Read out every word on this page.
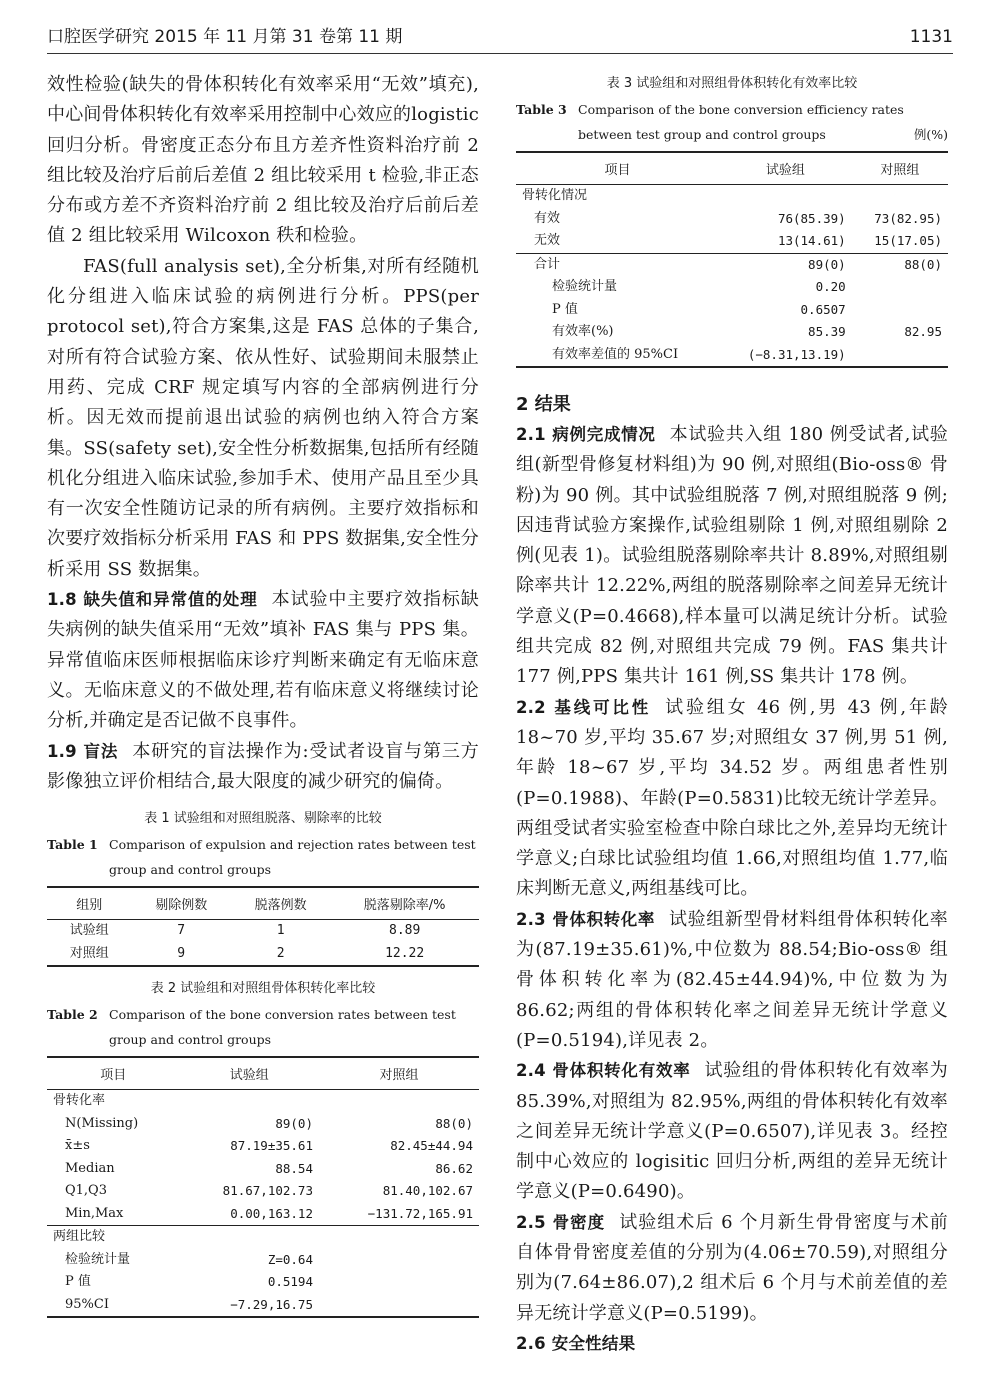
口腔医学研究 2015 年 11 月第 31 卷第 11 期	1131

效性检验(缺失的骨体积转化有效率采用“无效”填充),中心间骨体积转化有效率采用控制中心效应的logistic 回归分析。骨密度正态分布且方差齐性资料治疗前 2 组比较及治疗后前后差值 2 组比较采用 t 检验,非正态分布或方差不齐资料治疗前 2 组比较及治疗后前后差值 2 组比较采用 Wilcoxon 秩和检验。

FAS(full analysis set),全分析集,对所有经随机化分组进入临床试验的病例进行分析。PPS(per protocol set),符合方案集,这是 FAS 总体的子集合,对所有符合试验方案、依从性好、试验期间未服禁止用药、完成 CRF 规定填写内容的全部病例进行分析。因无效而提前退出试验的病例也纳入符合方案集。SS(safety set),安全性分析数据集,包括所有经随机化分组进入临床试验,参加手术、使用产品且至少具有一次安全性随访记录的所有病例。主要疗效指标和次要疗效指标分析采用 FAS 和 PPS 数据集,安全性分析采用 SS 数据集。

1.8 缺失值和异常值的处理 本试验中主要疗效指标缺失病例的缺失值采用“无效”填补 FAS 集与 PPS 集。异常值临床医师根据临床诊疗判断来确定有无临床意义。无临床意义的不做处理,若有临床意义将继续讨论分析,并确定是否记做不良事件。

1.9 盲法 本研究的盲法操作为:受试者设盲与第三方影像独立评价相结合,最大限度的减少研究的偏倚。

表 1 试验组和对照组脱落、剔除率的比较
Table 1 Comparison of expulsion and rejection rates between test group and control groups
组别	剔除例数	脱落例数	脱落剔除率/%
试验组	7	1	8.89
对照组	9	2	12.22
表 2 试验组和对照组骨体积转化率比较
Table 2 Comparison of the bone conversion rates between test group and control groups
项目	试验组	对照组
骨转化率		
N(Missing)	89(0)	88(0)
x̄±s	87.19±35.61	82.45±44.94
Median	88.54	86.62
Q1,Q3	81.67,102.73	81.40,102.67
Min,Max	0.00,163.12	−131.72,165.91
两组比较		
检验统计量	Z=0.64	
P 值	0.5194	
95%CI	−7.29,16.75	
表 3 试验组和对照组骨体积转化有效率比较
Table 3 Comparison of the bone conversion efficiency rates between test group and control groups	例(%)
项目	试验组	对照组
骨转化情况		
有效	76(85.39)	73(82.95)
无效	13(14.61)	15(17.05)
合计	89(0)	88(0)
检验统计量	0.20	
P 值	0.6507	
有效率(%)	85.39	82.95
有效率差值的 95%CI	(−8.31,13.19)	
2 结果

2.1 病例完成情况 本试验共入组 180 例受试者,试验组(新型骨修复材料组)为 90 例,对照组(Bio-oss® 骨粉)为 90 例。其中试验组脱落 7 例,对照组脱落 9 例;因违背试验方案操作,试验组剔除 1 例,对照组剔除 2 例(见表 1)。试验组脱落剔除率共计 8.89%,对照组剔除率共计 12.22%,两组的脱落剔除率之间差异无统计学意义(P=0.4668),样本量可以满足统计分析。试验组共完成 82 例,对照组共完成 79 例。FAS 集共计 177 例,PPS 集共计 161 例,SS 集共计 178 例。

2.2 基线可比性 试验组女 46 例,男 43 例,年龄 18~70 岁,平均 35.67 岁;对照组女 37 例,男 51 例,年龄 18~67 岁,平均 34.52 岁。两组患者性别(P=0.1988)、年龄(P=0.5831)比较无统计学差异。两组受试者实验室检查中除白球比之外,差异均无统计学意义;白球比试验组均值 1.66,对照组均值 1.77,临床判断无意义,两组基线可比。

2.3 骨体积转化率 试验组新型骨材料组骨体积转化率为(87.19±35.61)%,中位数为 88.54;Bio-oss® 组骨体积转化率为(82.45±44.94)%,中位数为为 86.62;两组的骨体积转化率之间差异无统计学意义(P=0.5194),详见表 2。

2.4 骨体积转化有效率 试验组的骨体积转化有效率为 85.39%,对照组为 82.95%,两组的骨体积转化有效率之间差异无统计学意义(P=0.6507),详见表 3。经控制中心效应的 logisitic 回归分析,两组的差异无统计学意义(P=0.6490)。

2.5 骨密度 试验组术后 6 个月新生骨骨密度与术前自体骨骨密度差值的分别为(4.06±70.59),对照组分别为(7.64±86.07),2 组术后 6 个月与术前差值的差异无统计学意义(P=0.5199)。

2.6 安全性结果
